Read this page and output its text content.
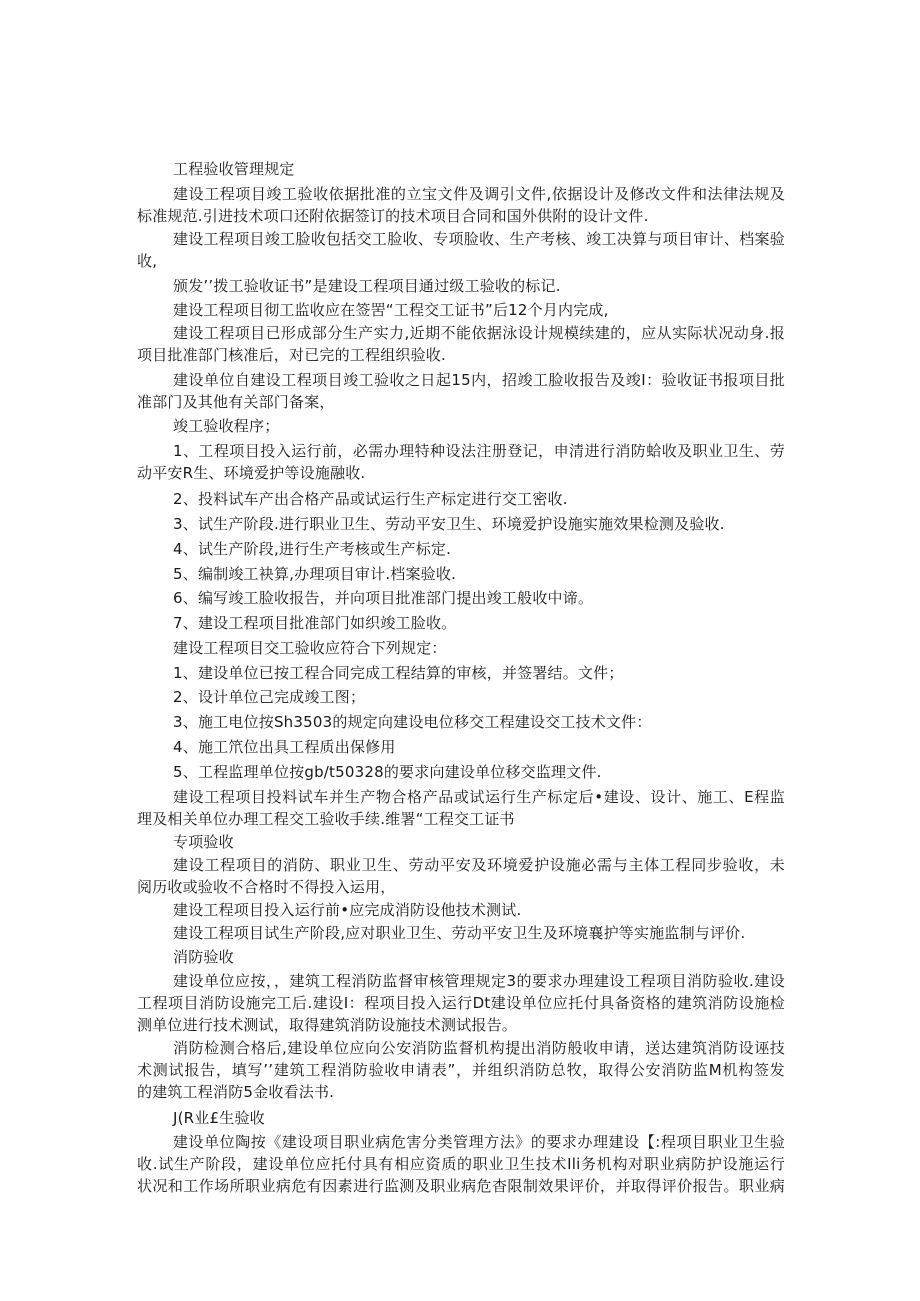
工程验收管理规定
建设工程项目竣工验收依据批准的立宝文件及调引文件,依据设计及修改文件和法律法规及
标准规范.引进技术项口还附依据签订的技术项目合同和国外供附的设计文件.
建设工程项目竣工脸收包括交工脸收、专项脸收、生产考核、竣工决算与项目审计、档案验
收,
颁发’’拨工验收证书”是建设工程项目通过级工验收的标记.
建设工程项目彻工监收应在签罟“工程交工证书”后12个月内完成,
建设工程项目已形成部分生产实力,近期不能依据泳设计规模续建的，应从实际状况动身.报
项目批准部门核准后，对已完的工程组织验收.
建设单位自建设工程项目竣工验收之日起15内，招竣工脸收报告及竣I：验收证书报项目批
准部门及其他有关部门备案，
竣工验收程序；
1、工程项目投入运行前，必需办理特种设法注册登记，申清进行消防蛤收及职业卫生、劳
动平安R生、环境爱护等设施融收.
2、投料试车产出合格产品或试运行生产标定进行交工密收.
3、试生产阶段.进行职业卫生、劳动平安卫生、环境爱护设施实施效果检测及验收.
4、试生产阶段,进行生产考核或生产标定.
5、编制竣工袂算,办理项目审计.档案验收.
6、编写竣工脸收报告，并向项目批准部门提出竣工般收中谛。
7、建设工程项目批准部门如织竣工脸收。
建设工程项目交工验收应符合下列规定：
1、建设单位已按工程合同完成工程结算的审核，并签署结。文件；
2、设计单位己完成竣工图；
3、施工电位按Sh3503的规定向建设电位移交工程建设交工技术文件：
4、施工笊位出具工程质出保修用
5、工程监理单位按gb/t50328的要求向建设单位移交监理文件.
建设工程项目投料试车并生产物合格产品或试运行生产标定后•建设、设计、施工、E程监
理及相关单位办理工程交工验收手续.维署“工程交工证书
专项验收
建设工程项目的消防、职业卫生、劳动平安及环境爱护设施必需与主体工程同步验收，未
阅历收或验收不合格时不得投入运用，
建设工程项目投入运行前•应完成消防设他技术测试.
建设工程项目试生产阶段,应对职业卫生、劳动平安卫生及环境襄护等实施监制与评价.
消防验收
建设单位应按，，建筑工程消防监督审核管理规定3的要求办理建设工程项目消防验收.建设
工程项目消防设施完工后.建设I：程项目投入运行Dt建设单位应托付具备资格的建筑消防设施检
测单位进行技术测试，取得建筑消防设施技术测试报告。
消防检测合格后,建设单位应向公安消防监督机构提出消防般收申请，送达建筑消防设诬技
术测试报告，填写’’建筑工程消防验收申请表”，并组织消防总牧，取得公安消防监M机构签发
的建筑工程消防5金收看法书.
J(R业£生验收
建设单位陶按《建设项目职业病危害分类管理方法》的要求办理建设【:程项目职业卫生验
收.试生产阶段，建设单位应托付具有相应资质的职业卫生技术Ili务机构对职业病防护设施运行
状况和工作场所职业病危有因素进行监测及职业病危杳限制效果评价，并取得评价报告。职业病
